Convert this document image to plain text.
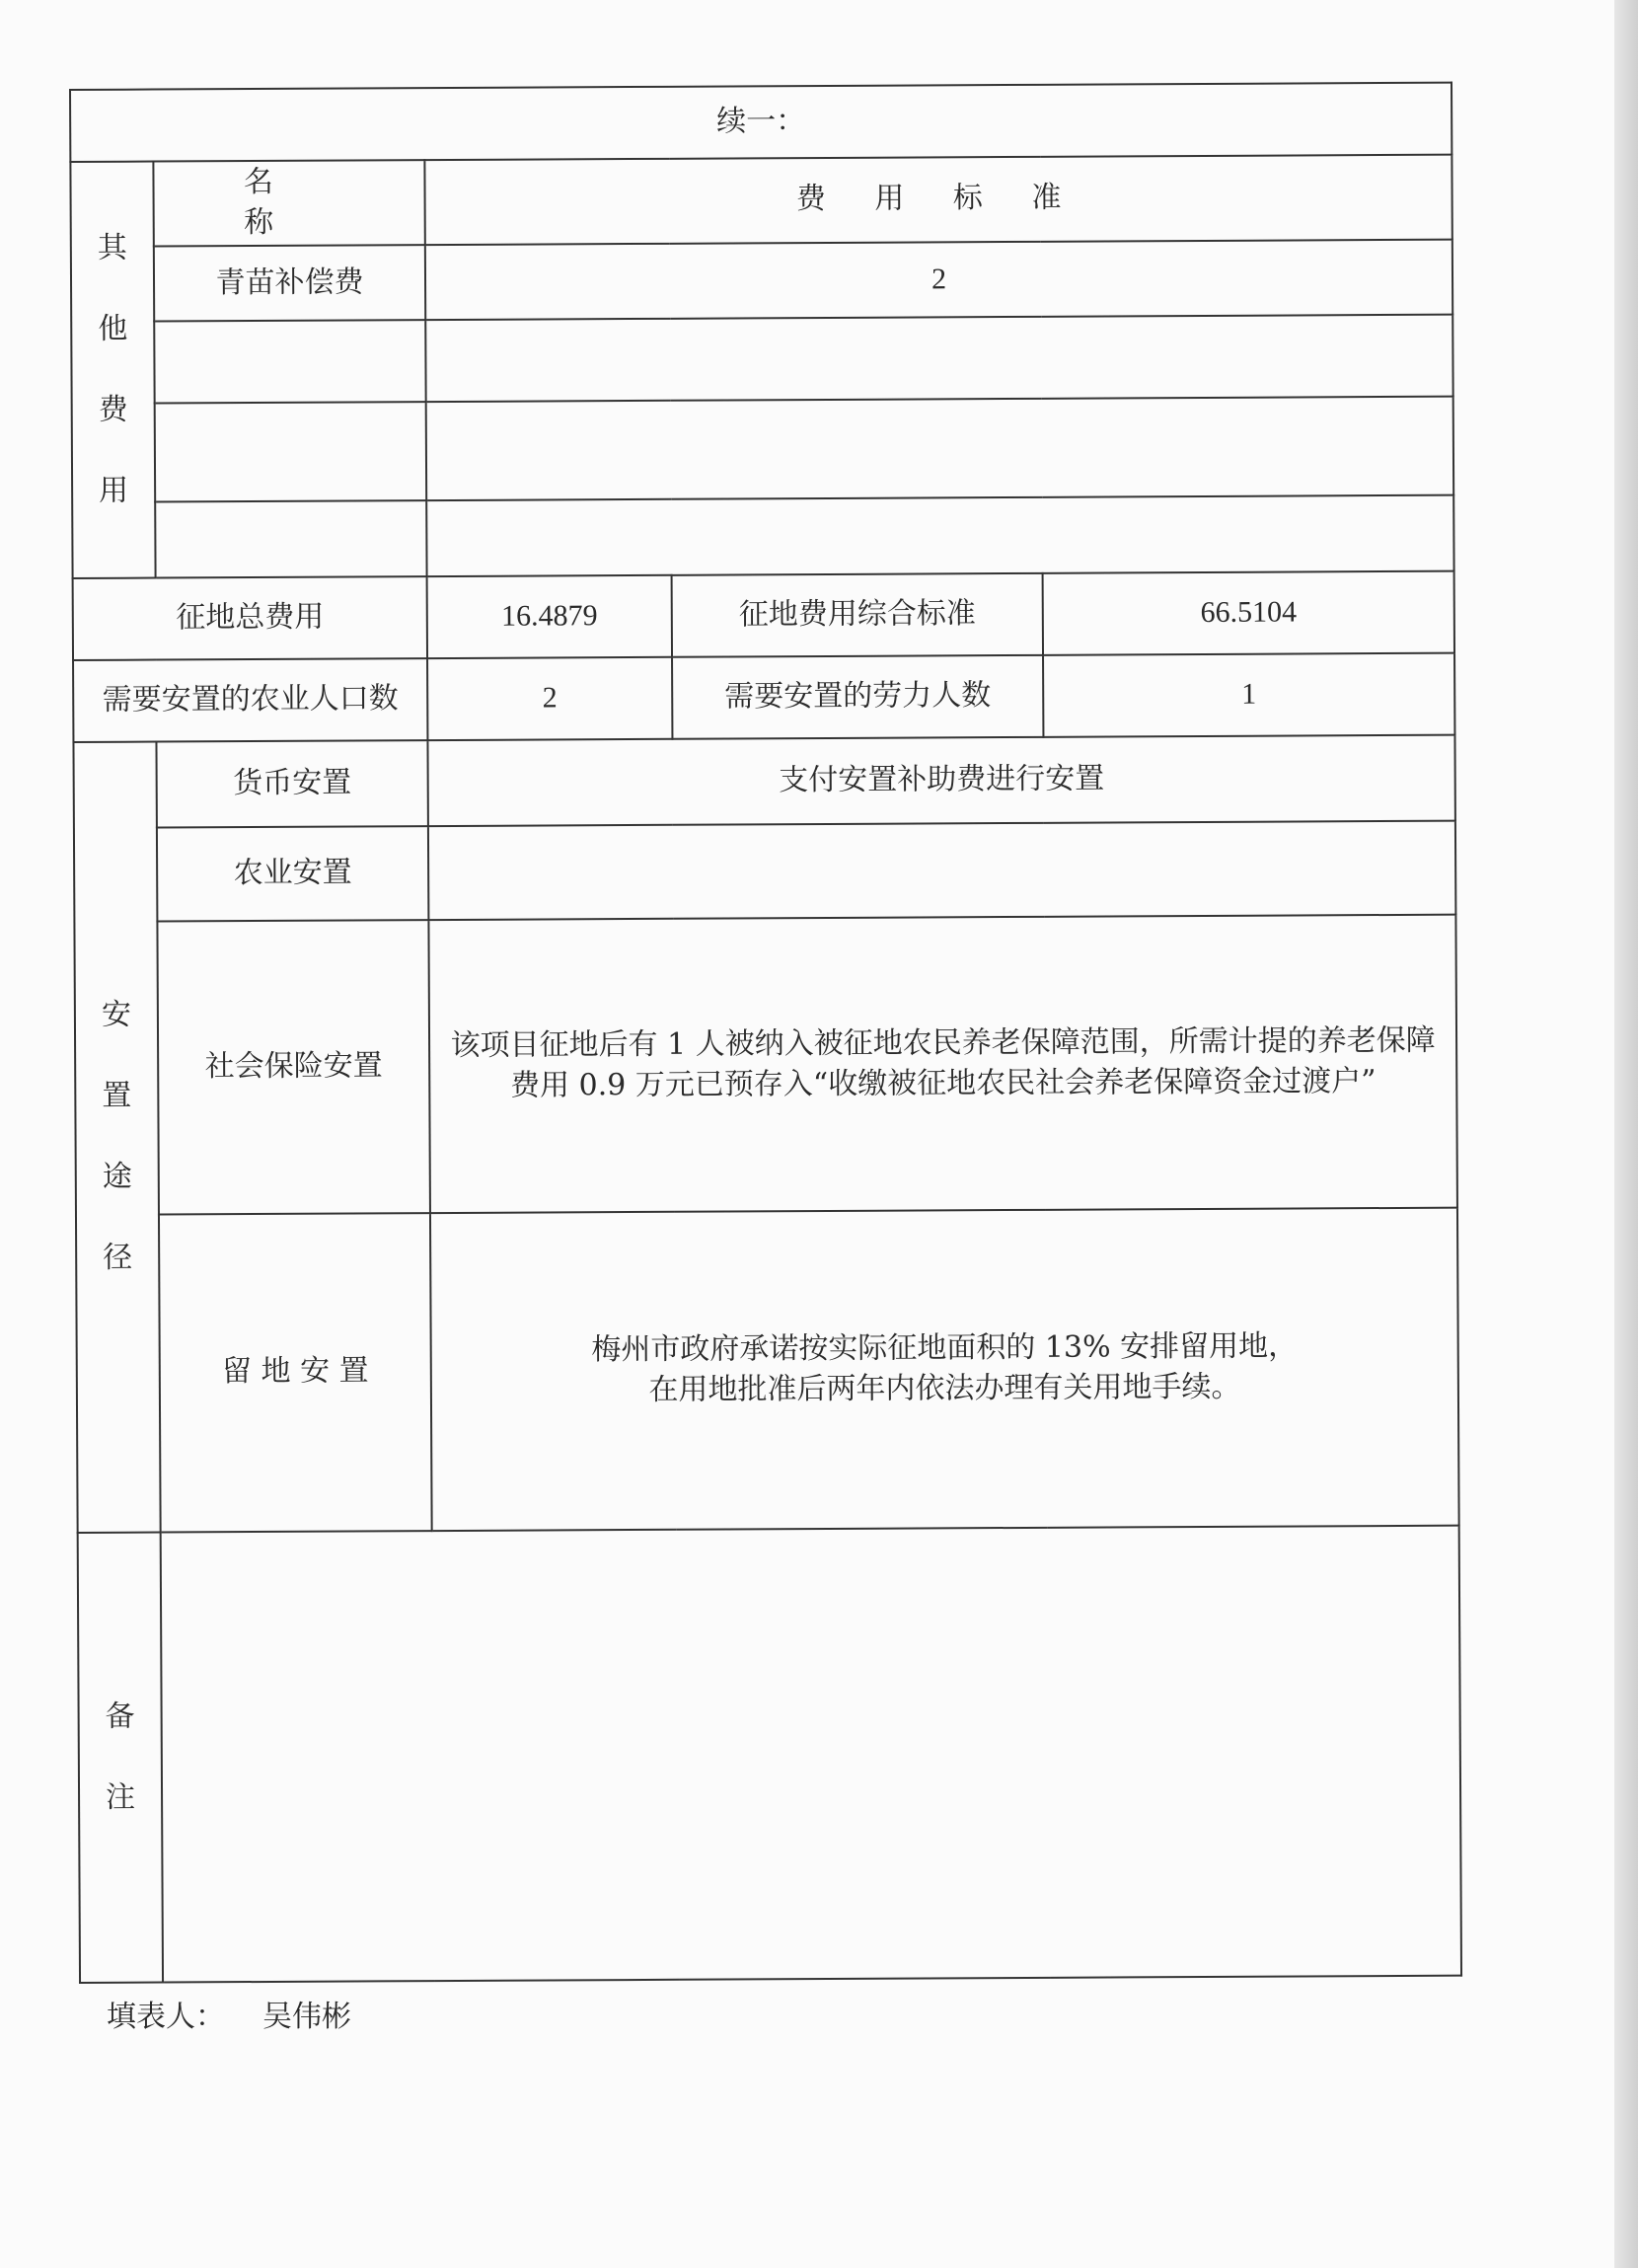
续一：				
其他费用	名 称	费 用 标 准		
	青苗补偿费	2		

征地总费用		16.4879	征地费用综合标准	66.5104
需要安置的农业人口数		2	需要安置的劳力人数	1
安置途径	货币安置	支付安置补助费进行安置		
	农业安置			
	社会保险安置	该项目征地后有 1 人被纳入被征地农民养老保障范围，所需计提的养老保障费用 0.9 万元已预存入“收缴被征地农民社会养老保障资金过渡户”		

	留 地 安 置	梅州市政府承诺按实际征地面积的 13% 安排留用地，
在用地批准后两年内依法办理有关用地手续。		

备注				
填表人： 吴伟彬
